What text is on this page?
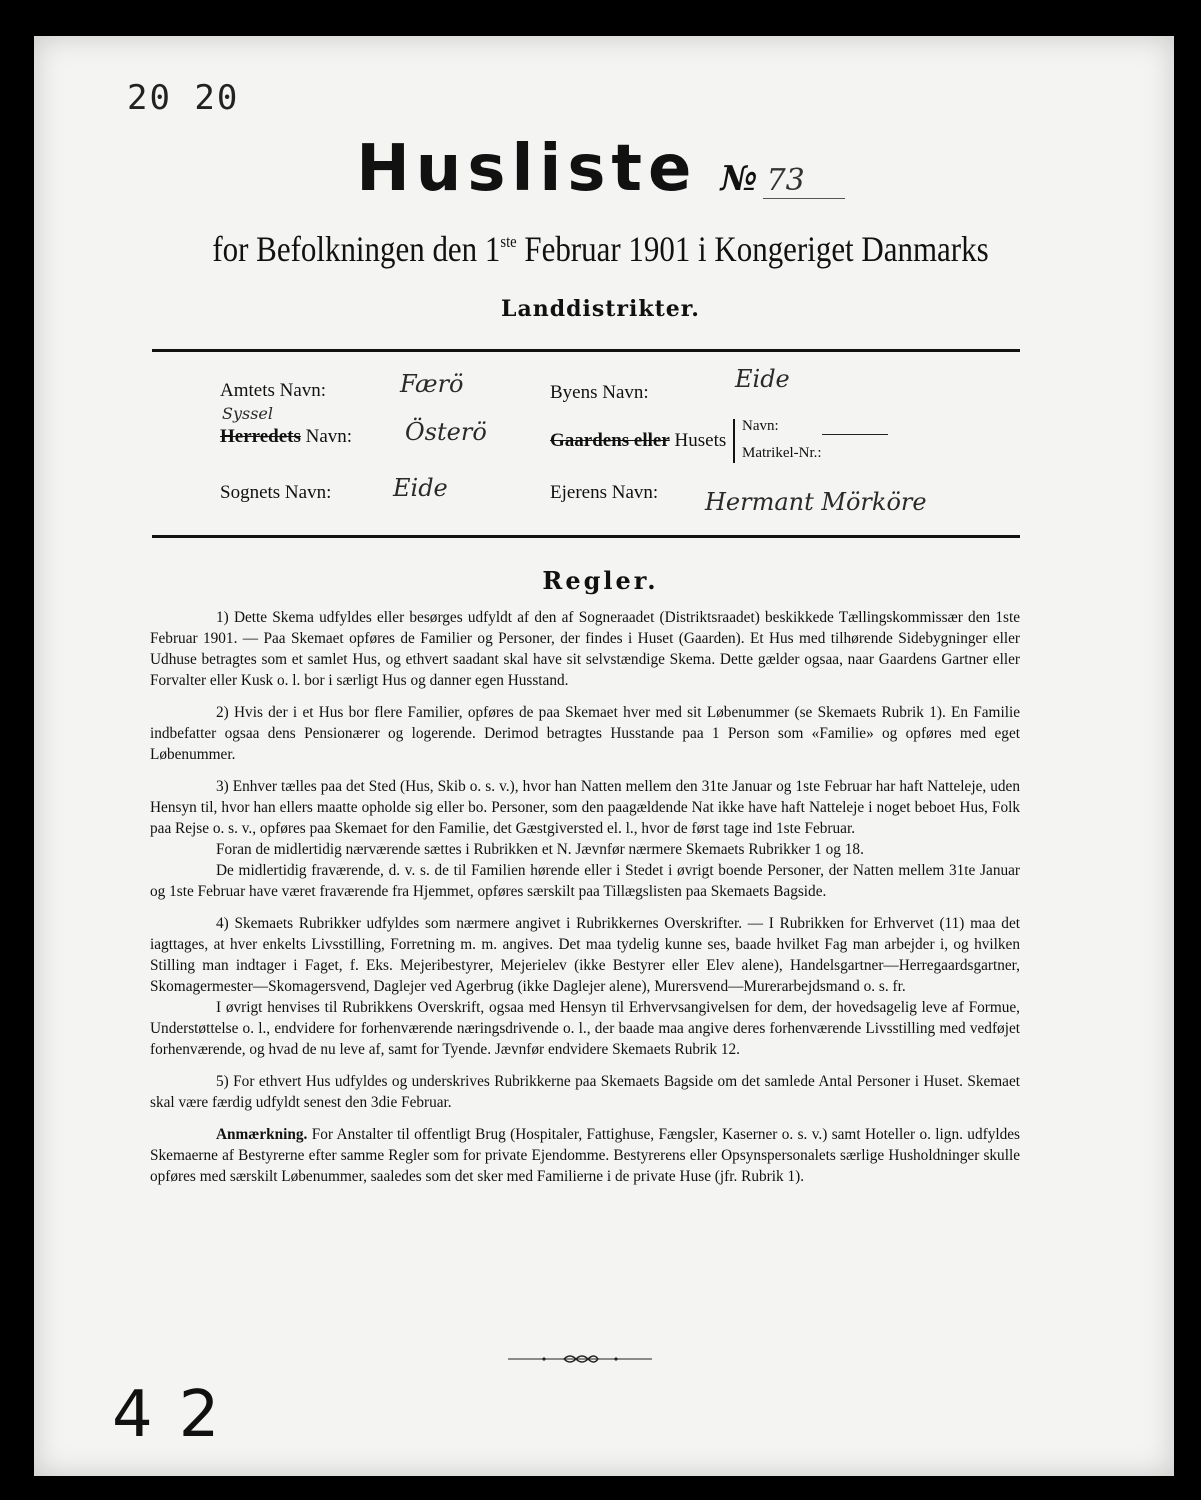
20 20
Husliste № 73
for Befolkningen den 1ste Februar 1901 i Kongeriget Danmarks
Landdistrikter.
Amtets Navn:	Færö
Syssel
Herredets Navn: Österö
Sognets Navn:	Eide
Byens Navn:	Eide
Gaardens eller Husets
Navn:
Matrikel-Nr.:
Ejerens Navn: Hermant Mörköre
Regler.

1) Dette Skema udfyldes eller besørges udfyldt af den af Sogneraadet (Distriktsraadet) beskikkede Tællingskommissær den 1ste Februar 1901. — Paa Skemaet opføres de Familier og Personer, der findes i Huset (Gaarden). Et Hus med tilhørende Sidebygninger eller Udhuse betragtes som et samlet Hus, og ethvert saadant skal have sit selvstændige Skema. Dette gælder ogsaa, naar Gaardens Gartner eller Forvalter eller Kusk o. l. bor i særligt Hus og danner egen Husstand.

2) Hvis der i et Hus bor flere Familier, opføres de paa Skemaet hver med sit Løbenummer (se Skemaets Rubrik 1). En Familie indbefatter ogsaa dens Pensionærer og logerende. Derimod betragtes Husstande paa 1 Person som «Familie» og opføres med eget Løbenummer.

3) Enhver tælles paa det Sted (Hus, Skib o. s. v.), hvor han Natten mellem den 31te Januar og 1ste Februar har haft Natteleje, uden Hensyn til, hvor han ellers maatte opholde sig eller bo. Personer, som den paagældende Nat ikke have haft Natteleje i noget beboet Hus, Folk paa Rejse o. s. v., opføres paa Skemaet for den Familie, det Gæstgiversted el. l., hvor de først tage ind 1ste Februar.

Foran de midlertidig nærværende sættes i Rubrikken et N. Jævnfør nærmere Skemaets Rubrikker 1 og 18.

De midlertidig fraværende, d. v. s. de til Familien hørende eller i Stedet i øvrigt boende Personer, der Natten mellem 31te Januar og 1ste Februar have været fraværende fra Hjemmet, opføres særskilt paa Tillægslisten paa Skemaets Bagside.

4) Skemaets Rubrikker udfyldes som nærmere angivet i Rubrikkernes Overskrifter. — I Rubrikken for Erhvervet (11) maa det iagttages, at hver enkelts Livsstilling, Forretning m. m. angives. Det maa tydelig kunne ses, baade hvilket Fag man arbejder i, og hvilken Stilling man indtager i Faget, f. Eks. Mejeribestyrer, Mejerielev (ikke Bestyrer eller Elev alene), Handelsgartner—Herregaardsgartner, Skomagermester—Skomagersvend, Daglejer ved Agerbrug (ikke Daglejer alene), Murersvend—Murerarbejdsmand o. s. fr.

I øvrigt henvises til Rubrikkens Overskrift, ogsaa med Hensyn til Erhvervsangivelsen for dem, der hovedsagelig leve af Formue, Understøttelse o. l., endvidere for forhenværende næringsdrivende o. l., der baade maa angive deres forhenværende Livsstilling med vedføjet forhenværende, og hvad de nu leve af, samt for Tyende. Jævnfør endvidere Skemaets Rubrik 12.

5) For ethvert Hus udfyldes og underskrives Rubrikkerne paa Skemaets Bagside om det samlede Antal Personer i Huset. Skemaet skal være færdig udfyldt senest den 3die Februar.

Anmærkning. For Anstalter til offentligt Brug (Hospitaler, Fattighuse, Fængsler, Kaserner o. s. v.) samt Hoteller o. lign. udfyldes Skemaerne af Bestyrerne efter samme Regler som for private Ejendomme. Bestyrerens eller Opsynspersonalets særlige Husholdninger skulle opføres med særskilt Løbenummer, saaledes som det sker med Familierne i de private Huse (jfr. Rubrik 1).

42
